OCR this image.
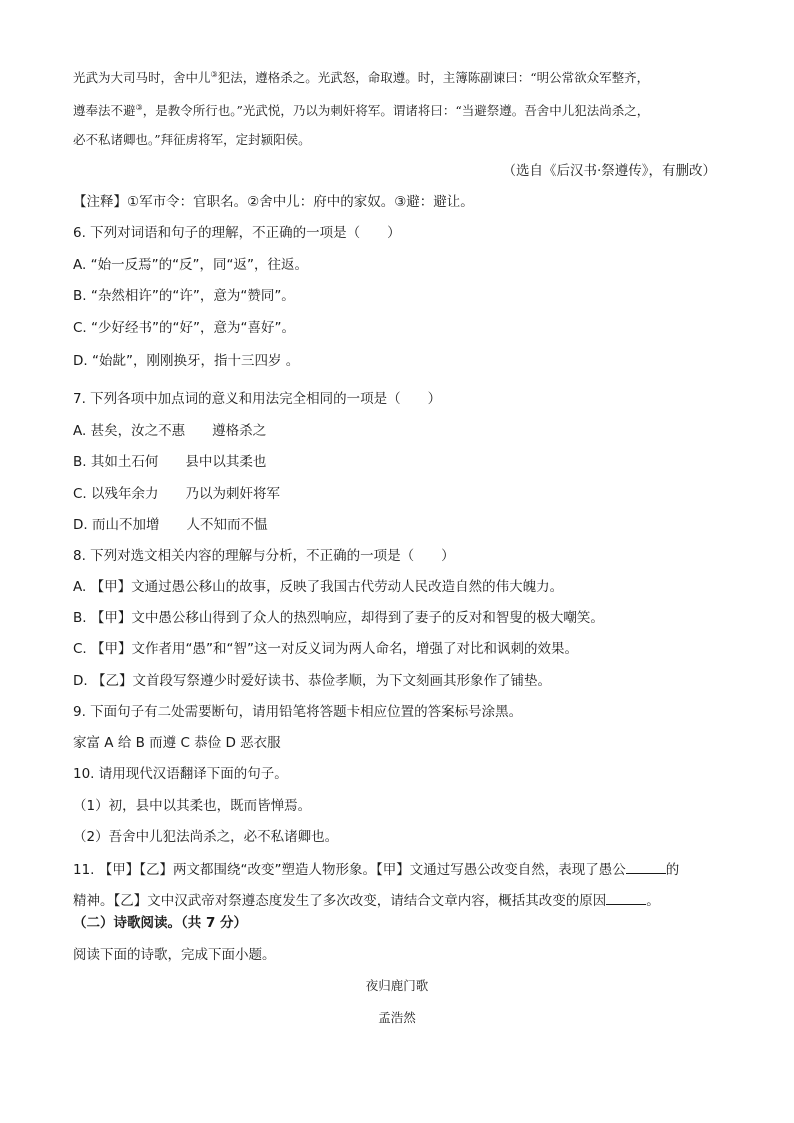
光武为大司马时，舍中儿③犯法，遵格杀之。光武怒，命取遵。时，主簿陈副谏曰：“明公常欲众军整齐，
遵奉法不避③，是教令所行也。”光武悦，乃以为刺奸将军。谓诸将曰：“当避祭遵。吾舍中儿犯法尚杀之，
必不私诸卿也。”拜征虏将军，定封颍阳侯。
（选自《后汉书·祭遵传》，有删改）
【注释】①军市令：官职名。②舍中儿：府中的家奴。③避：避让。
6. 下列对词语和句子的理解，不正确的一项是（　　）
A. “始一反焉”的“反”，同“返”，往返。
B. “杂然相许”的“许”，意为“赞同”。
C. “少好经书”的“好”，意为“喜好”。
D. “始龀”，刚刚换牙，指十三四岁 。
7. 下列各项中加点词的意义和用法完全相同的一项是（　　）
A. 甚矣，汝之不惠　　遵格杀之
B. 其如土石何　　县中以其柔也
C. 以残年余力　　乃以为刺奸将军
D. 而山不加增　　人不知而不愠
8. 下列对选文相关内容的理解与分析，不正确的一项是（　　）
A. 【甲】文通过愚公移山的故事，反映了我国古代劳动人民改造自然的伟大魄力。
B. 【甲】文中愚公移山得到了众人的热烈响应，却得到了妻子的反对和智叟的极大嘲笑。
C. 【甲】文作者用“愚”和“智”这一对反义词为两人命名，增强了对比和讽刺的效果。
D. 【乙】文首段写祭遵少时爱好读书、恭俭孝顺，为下文刻画其形象作了铺垫。
9. 下面句子有二处需要断句，请用铅笔将答题卡相应位置的答案标号涂黑。
家富 A 给 B 而遵 C 恭俭 D 恶衣服
10. 请用现代汉语翻译下面的句子。
（1）初，县中以其柔也，既而皆惮焉。
（2）吾舍中儿犯法尚杀之，必不私诸卿也。
11. 【甲】【乙】两文都围绕“改变”塑造人物形象。【甲】文通过写愚公改变自然，表现了愚公	的
精神。【乙】文中汉武帝对祭遵态度发生了多次改变，请结合文章内容，概括其改变的原因	。
（二）诗歌阅读。（共 7 分）
阅读下面的诗歌，完成下面小题。
夜归鹿门歌
孟浩然
